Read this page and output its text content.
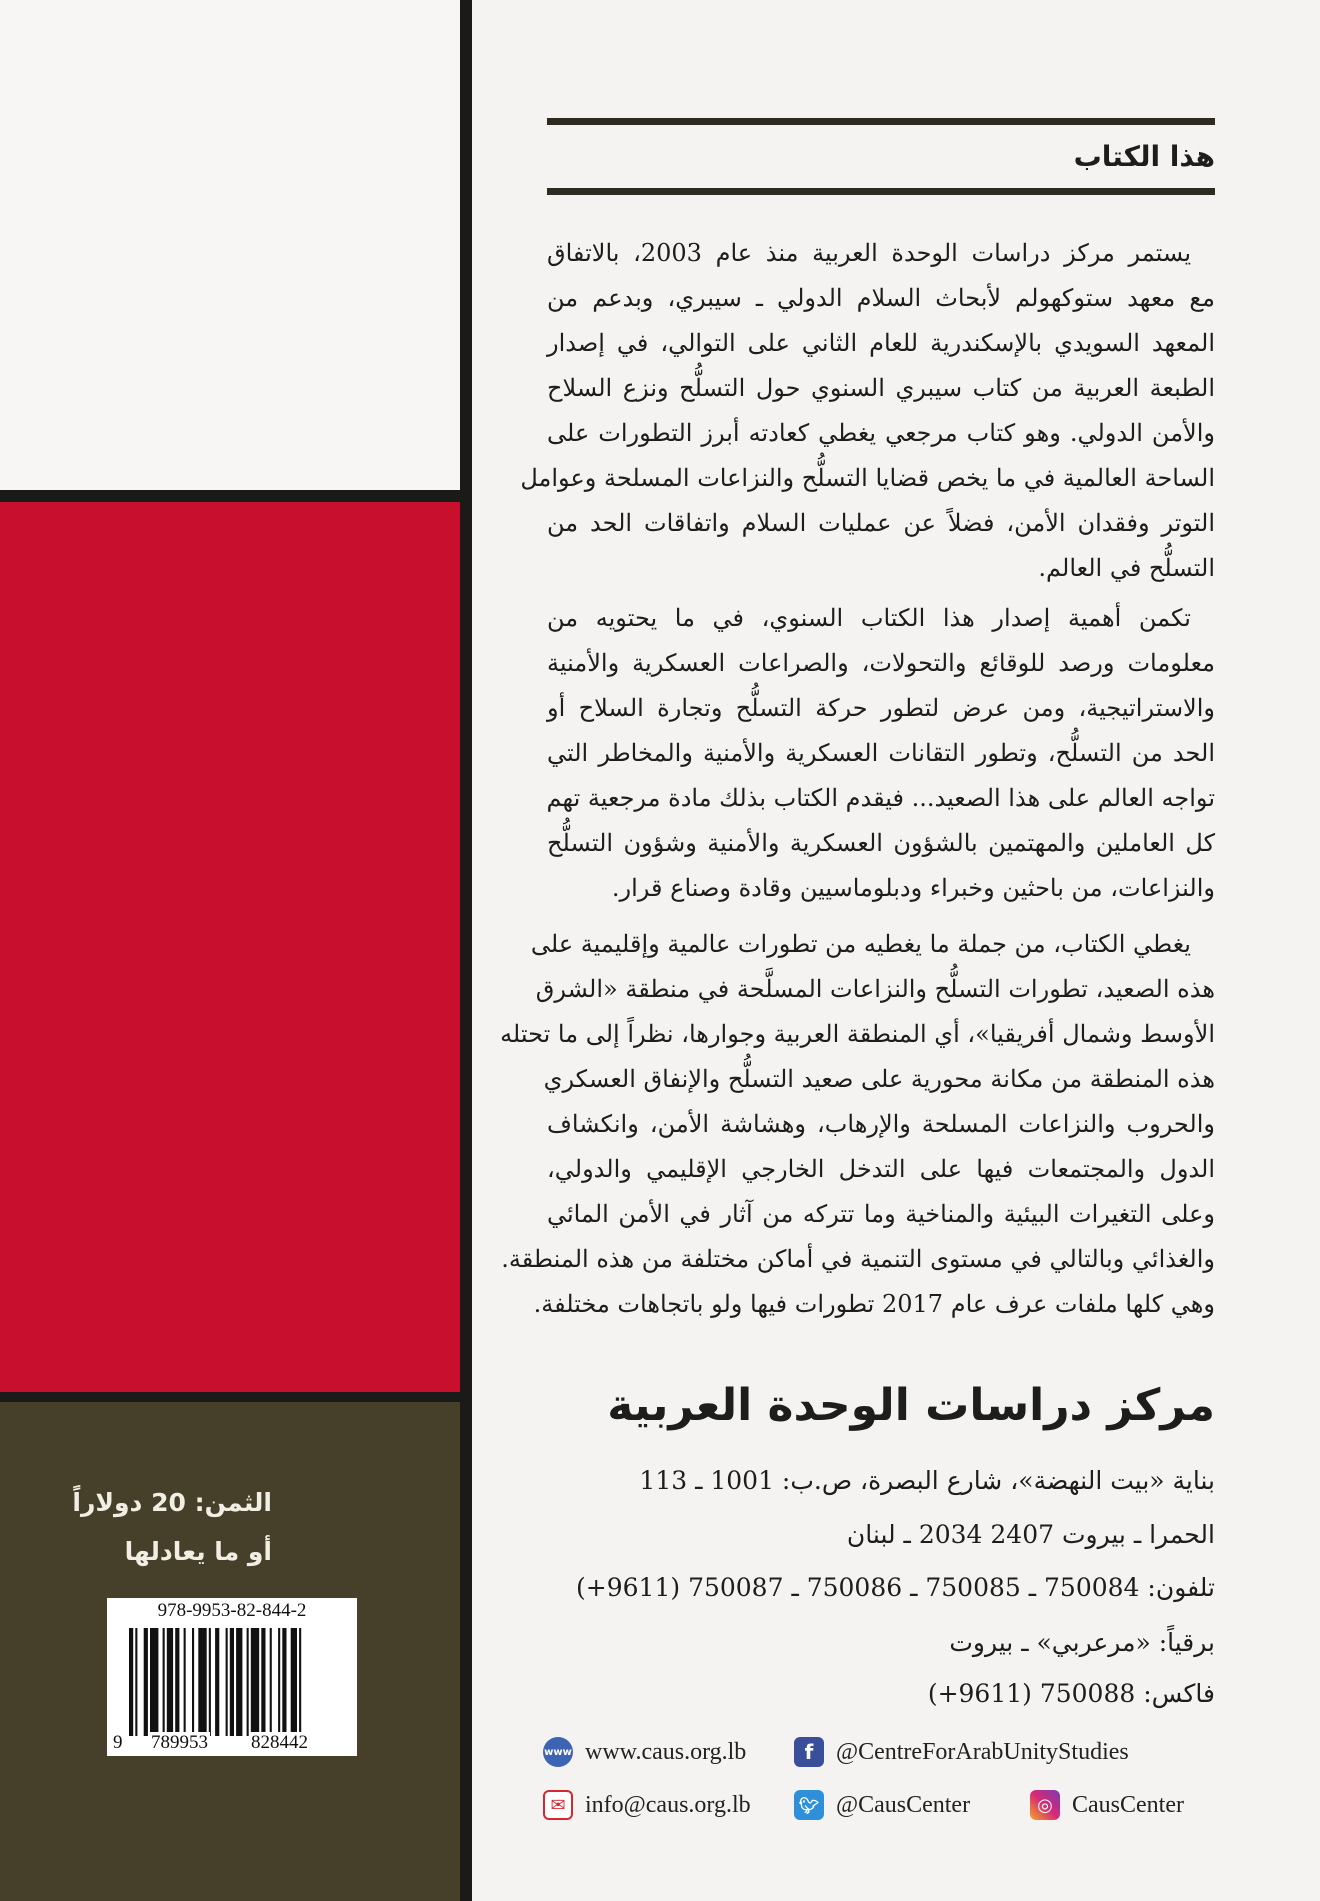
الثمن: 20 دولاراً
أو ما يعادلها
978-9953-82-844-2
9 789953 828442
هذا الكتاب
يستمر مركز دراسات الوحدة العربية منذ عام 2003، بالاتفاق
مع معهد ستوكهولم لأبحاث السلام الدولي ـ سيبري، وبدعم من
المعهد السويدي بالإسكندرية للعام الثاني على التوالي، في إصدار
الطبعة العربية من كتاب سيبري السنوي حول التسلُّح ونزع السلاح
والأمن الدولي. وهو كتاب مرجعي يغطي كعادته أبرز التطورات على
الساحة العالمية في ما يخص قضايا التسلُّح والنزاعات المسلحة وعوامل
التوتر وفقدان الأمن، فضلاً عن عمليات السلام واتفاقات الحد من
التسلُّح في العالم.
تكمن أهمية إصدار هذا الكتاب السنوي، في ما يحتويه من
معلومات ورصد للوقائع والتحولات، والصراعات العسكرية والأمنية
والاستراتيجية، ومن عرض لتطور حركة التسلُّح وتجارة السلاح أو
الحد من التسلُّح، وتطور التقانات العسكرية والأمنية والمخاطر التي
تواجه العالم على هذا الصعيد... فيقدم الكتاب بذلك مادة مرجعية تهم
كل العاملين والمهتمين بالشؤون العسكرية والأمنية وشؤون التسلُّح
والنزاعات، من باحثين وخبراء ودبلوماسيين وقادة وصناع قرار.
يغطي الكتاب، من جملة ما يغطيه من تطورات عالمية وإقليمية على
هذه الصعيد، تطورات التسلُّح والنزاعات المسلَّحة في منطقة «الشرق
الأوسط وشمال أفريقيا»، أي المنطقة العربية وجوارها، نظراً إلى ما تحتله
هذه المنطقة من مكانة محورية على صعيد التسلُّح والإنفاق العسكري
والحروب والنزاعات المسلحة والإرهاب، وهشاشة الأمن، وانكشاف
الدول والمجتمعات فيها على التدخل الخارجي الإقليمي والدولي،
وعلى التغيرات البيئية والمناخية وما تتركه من آثار في الأمن المائي
والغذائي وبالتالي في مستوى التنمية في أماكن مختلفة من هذه المنطقة.
وهي كلها ملفات عرف عام 2017 تطورات فيها ولو باتجاهات مختلفة.
مركز دراسات الوحدة العربية
بناية «بيت النهضة»، شارع البصرة، ص.ب: 1001 ـ 113
الحمرا ـ بيروت 2407 2034 ـ لبنان
تلفون: 750084 ـ 750085 ـ 750086 ـ 750087 (9611+)
برقياً: «مرعربي» ـ بيروت
فاكس: 750088 (9611+)
www www.caus.org.lb	f @CentreForArabUnityStudies
✉ info@caus.org.lb	🐦︎ @CausCenter	◎ CausCenter
